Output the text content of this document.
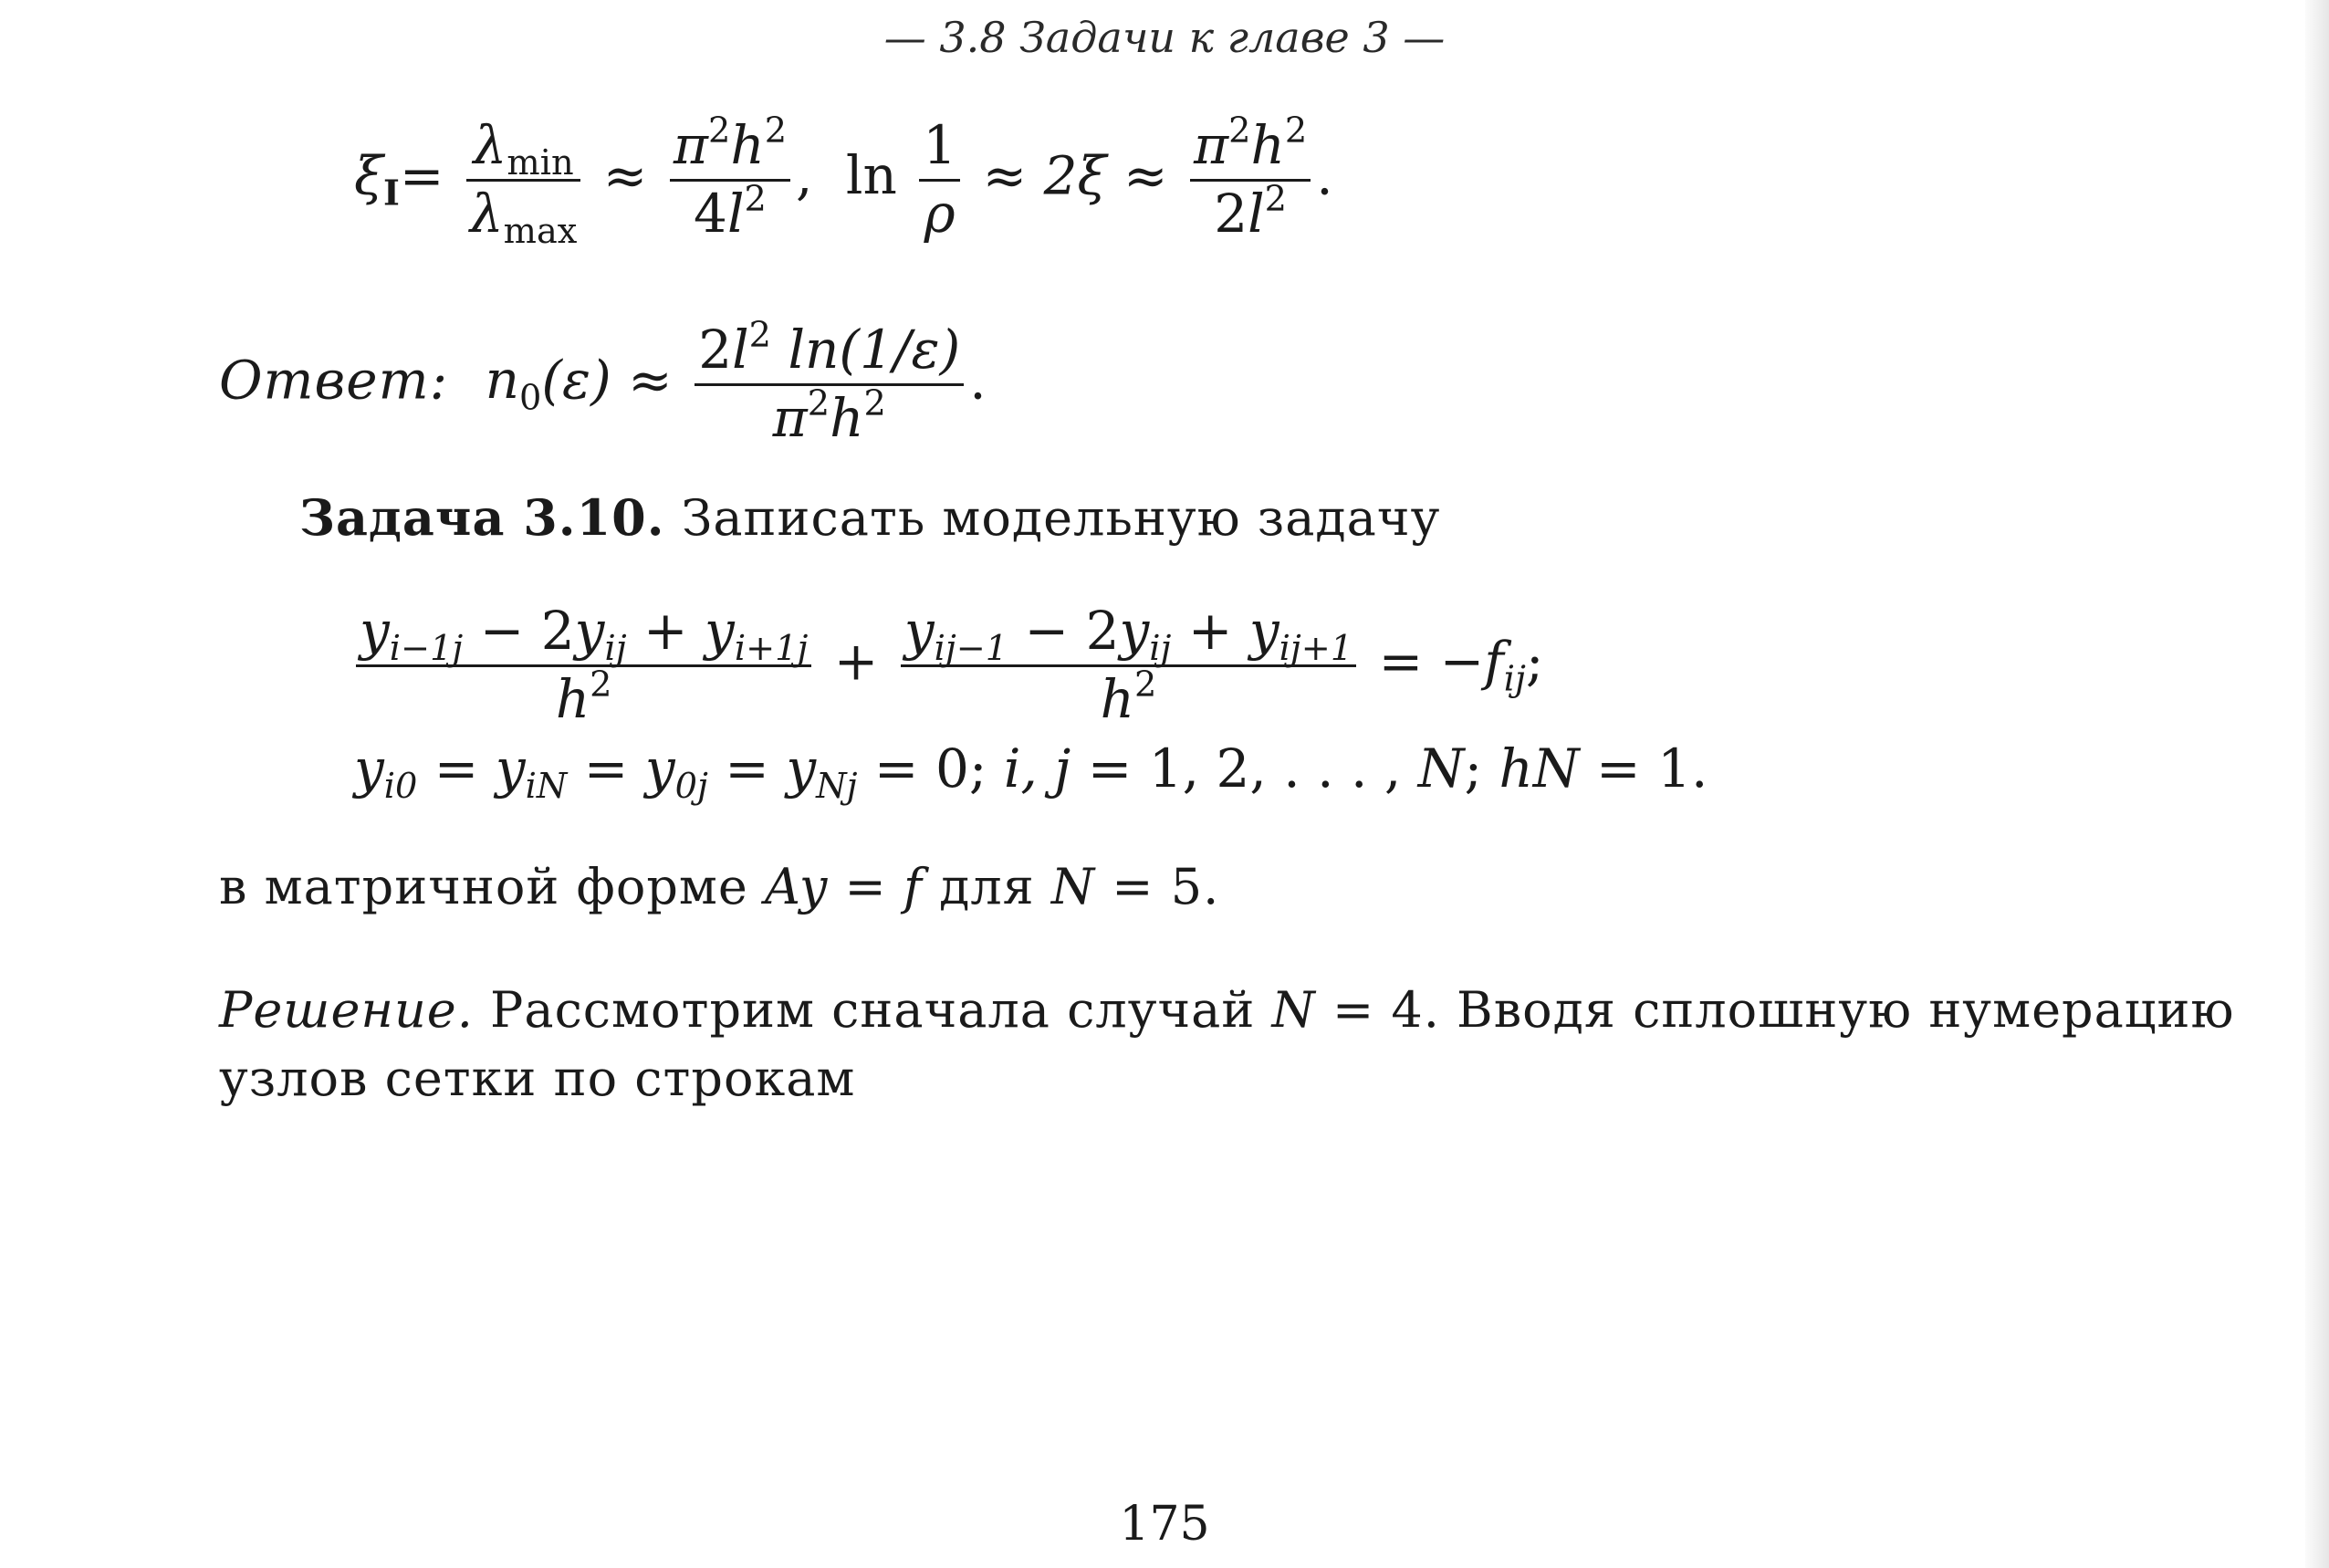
— 3.8 Задачи к главе 3 —
$\xi_I= \frac{\lambda_{min}}{\lambda_{max}} \approx \frac{\pi^2h^2}{4l^2}$ , $\ln \frac{1}{\rho} \approx 2\xi \approx \frac{\pi^2h^2}{2l^2}$ .
Ответ: $n_0(\varepsilon) \approx \frac{2l^2 \ln(1/\varepsilon)}{\pi^2h^2}$ .
Задача 3.10. Записать модельную задачу
$\frac{y_{i-1j} - 2y_{ij} + y_{i+1j}}{h^2} + \frac{y_{ij-1} - 2y_{ij} + y_{ij+1}}{h^2} = -f_{ij}$;
$y_{i0} = y_{iN} = y_{0j} = y_{Nj} = 0$; i, j = 1, 2, . . . , N; hN = 1.
в матричной форме Ay = f для N = 5.
Решение. Рассмотрим сначала случай N = 4. Вводя сплошную нумерацию
узлов сетки по строкам
175
